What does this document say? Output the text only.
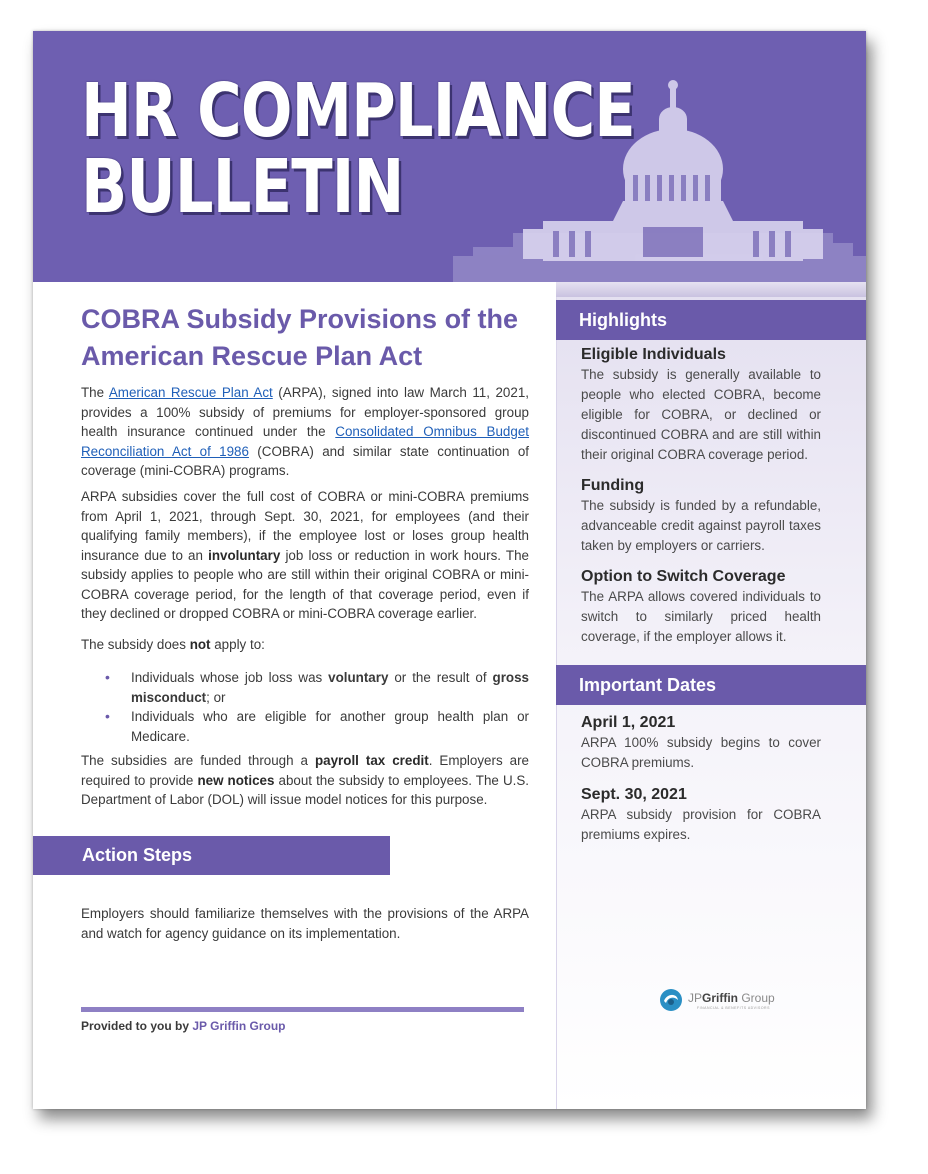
HR COMPLIANCE
BULLETIN
COBRA Subsidy Provisions of the American Rescue Plan Act

The American Rescue Plan Act (ARPA), signed into law March 11, 2021, provides a 100% subsidy of premiums for employer-sponsored group health insurance continued under the Consolidated Omnibus Budget Reconciliation Act of 1986 (COBRA) and similar state continuation of coverage (mini-COBRA) programs.

ARPA subsidies cover the full cost of COBRA or mini-COBRA premiums from April 1, 2021, through Sept. 30, 2021, for employees (and their qualifying family members), if the employee lost or loses group health insurance due to an involuntary job loss or reduction in work hours. The subsidy applies to people who are still within their original COBRA or mini-COBRA coverage period, for the length of that coverage period, even if they declined or dropped COBRA or mini-COBRA coverage earlier.

The subsidy does not apply to:

• Individuals whose job loss was voluntary or the result of gross misconduct; or
• Individuals who are eligible for another group health plan or Medicare.

The subsidies are funded through a payroll tax credit. Employers are required to provide new notices about the subsidy to employees. The U.S. Department of Labor (DOL) will issue model notices for this purpose.

Action Steps

Employers should familiarize themselves with the provisions of the ARPA and watch for agency guidance on its implementation.

Provided to you by JP Griffin Group
Highlights
Eligible Individuals

The subsidy is generally available to people who elected COBRA, become eligible for COBRA, or declined or discontinued COBRA and are still within their original COBRA coverage period.

Funding

The subsidy is funded by a refundable, advanceable credit against payroll taxes taken by employers or carriers.

Option to Switch Coverage

The ARPA allows covered individuals to switch to similarly priced health coverage, if the employer allows it.

Important Dates
April 1, 2021

ARPA 100% subsidy begins to cover COBRA premiums.

Sept. 30, 2021

ARPA subsidy provision for COBRA premiums expires.

JPGriffin Group
FINANCIAL & BENEFITS ADVISORS
